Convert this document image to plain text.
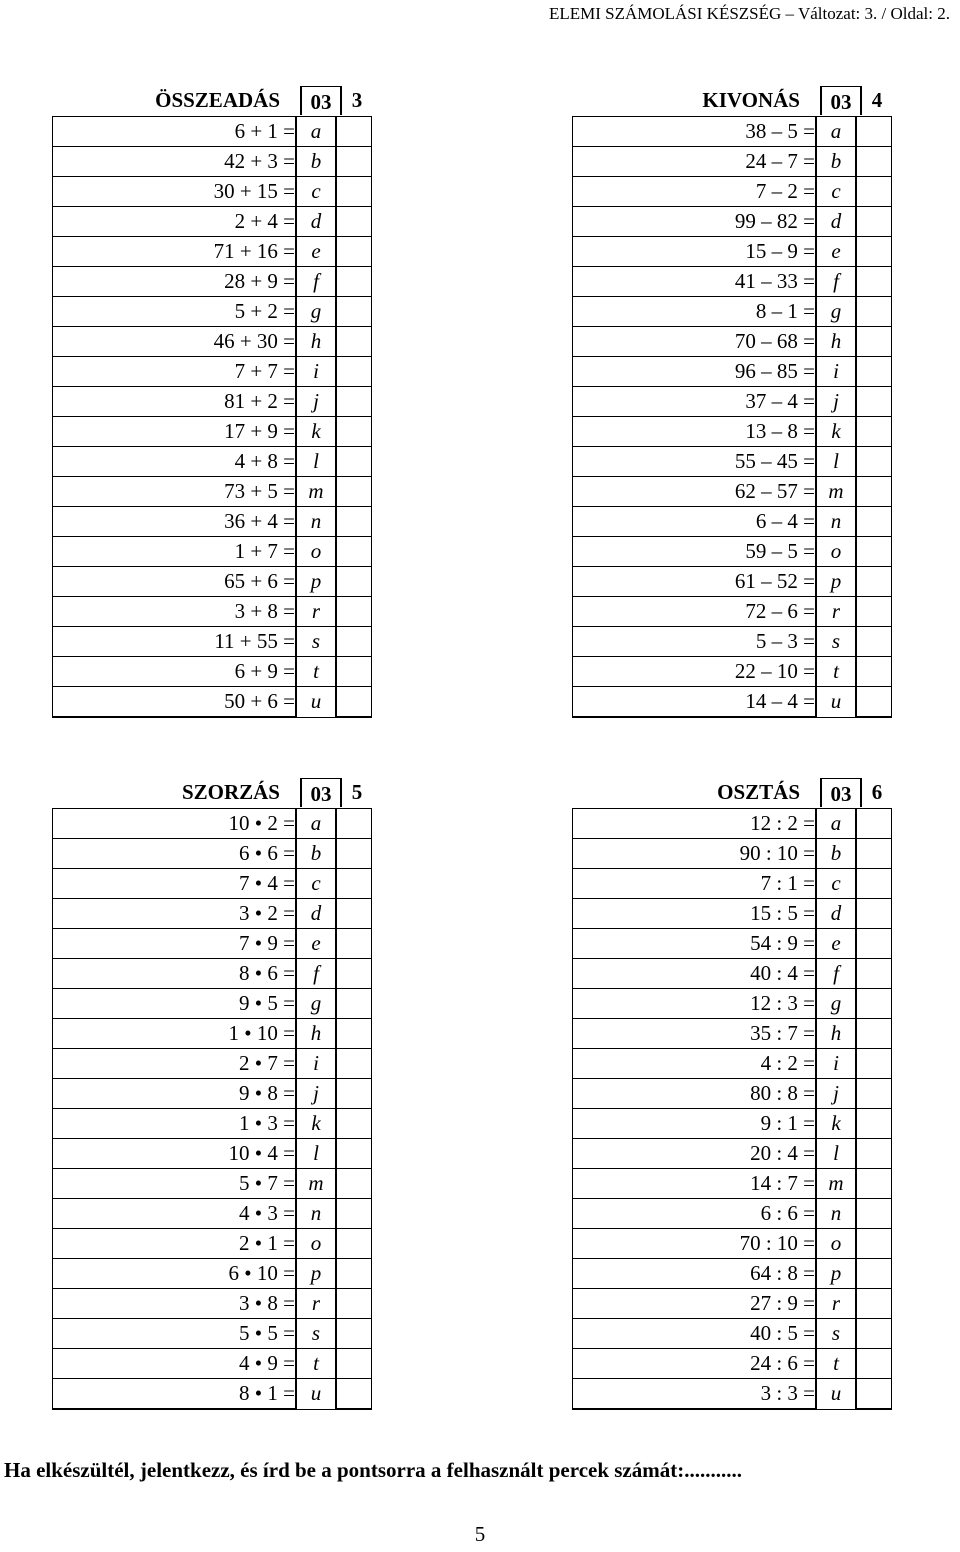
ELEMI SZÁMOLÁSI KÉSZSÉG – Változat: 3. / Oldal: 2.
ÖSSZEADÁS	03 3
6 + 1 =	a	
42 + 3 =	b	
30 + 15 =	c	
2 + 4 =	d	
71 + 16 =	e	
28 + 9 =	f	
5 + 2 =	g	
46 + 30 =	h	
7 + 7 =	i	
81 + 2 =	j	
17 + 9 =	k	
4 + 8 =	l	
73 + 5 =	m	
36 + 4 =	n	
1 + 7 =	o	
65 + 6 =	p	
3 + 8 =	r	
11 + 55 =	s	
6 + 9 =	t	
50 + 6 =	u	
KIVONÁS	03 4
38 – 5 =	a	
24 – 7 =	b	
7 – 2 =	c	
99 – 82 =	d	
15 – 9 =	e	
41 – 33 =	f	
8 – 1 =	g	
70 – 68 =	h	
96 – 85 =	i	
37 – 4 =	j	
13 – 8 =	k	
55 – 45 =	l	
62 – 57 =	m	
6 – 4 =	n	
59 – 5 =	o	
61 – 52 =	p	
72 – 6 =	r	
5 – 3 =	s	
22 – 10 =	t	
14 – 4 =	u	
SZORZÁS	03 5
10 • 2 =	a	
6 • 6 =	b	
7 • 4 =	c	
3 • 2 =	d	
7 • 9 =	e	
8 • 6 =	f	
9 • 5 =	g	
1 • 10 =	h	
2 • 7 =	i	
9 • 8 =	j	
1 • 3 =	k	
10 • 4 =	l	
5 • 7 =	m	
4 • 3 =	n	
2 • 1 =	o	
6 • 10 =	p	
3 • 8 =	r	
5 • 5 =	s	
4 • 9 =	t	
8 • 1 =	u	
OSZTÁS	03 6
12 : 2 =	a	
90 : 10 =	b	
7 : 1 =	c	
15 : 5 =	d	
54 : 9 =	e	
40 : 4 =	f	
12 : 3 =	g	
35 : 7 =	h	
4 : 2 =	i	
80 : 8 =	j	
9 : 1 =	k	
20 : 4 =	l	
14 : 7 =	m	
6 : 6 =	n	
70 : 10 =	o	
64 : 8 =	p	
27 : 9 =	r	
40 : 5 =	s	
24 : 6 =	t	
3 : 3 =	u	
Ha elkészültél, jelentkezz, és írd be a pontsorra a felhasznált percek számát:...........
5
